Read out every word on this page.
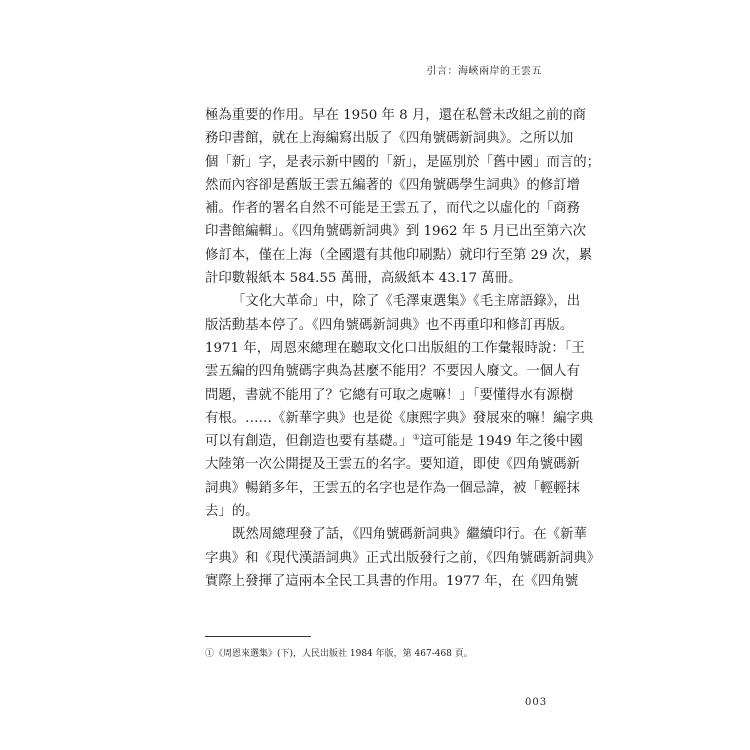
引言：海峽兩岸的王雲五
極為重要的作用。早在 1950 年 8 月，還在私營未改組之前的商
務印書館，就在上海編寫出版了《四角號碼新詞典》。之所以加
個「新」字，是表示新中國的「新」，是區別於「舊中國」而言的；
然而內容卻是舊版王雲五編著的《四角號碼學生詞典》的修訂增
補。作者的署名自然不可能是王雲五了，而代之以虛化的「商務
印書館編輯」。《四角號碼新詞典》到 1962 年 5 月已出至第六次
修訂本，僅在上海（全國還有其他印刷點）就印行至第 29 次，累
計印數報紙本 584.55 萬冊，高級紙本 43.17 萬冊。
「文化大革命」中，除了《毛澤東選集》《毛主席語錄》，出
版活動基本停了。《四角號碼新詞典》也不再重印和修訂再版。
1971 年，周恩來總理在聽取文化口出版組的工作彙報時說：「王
雲五編的四角號碼字典為甚麼不能用？不要因人廢文。一個人有
問題，書就不能用了？它總有可取之處嘛！」「要懂得水有源樹
有根。……《新華字典》也是從《康熙字典》發展來的嘛！編字典
可以有創造，但創造也要有基礎。」①這可能是 1949 年之後中國
大陸第一次公開提及王雲五的名字。要知道，即使《四角號碼新
詞典》暢銷多年，王雲五的名字也是作為一個忌諱，被「輕輕抹
去」的。
既然周總理發了話，《四角號碼新詞典》繼續印行。在《新華
字典》和《現代漢語詞典》正式出版發行之前，《四角號碼新詞典》
實際上發揮了這兩本全民工具書的作用。1977 年，在《四角號
①《周恩來選集》(下)，人民出版社 1984 年版，第 467-468 頁。
003
